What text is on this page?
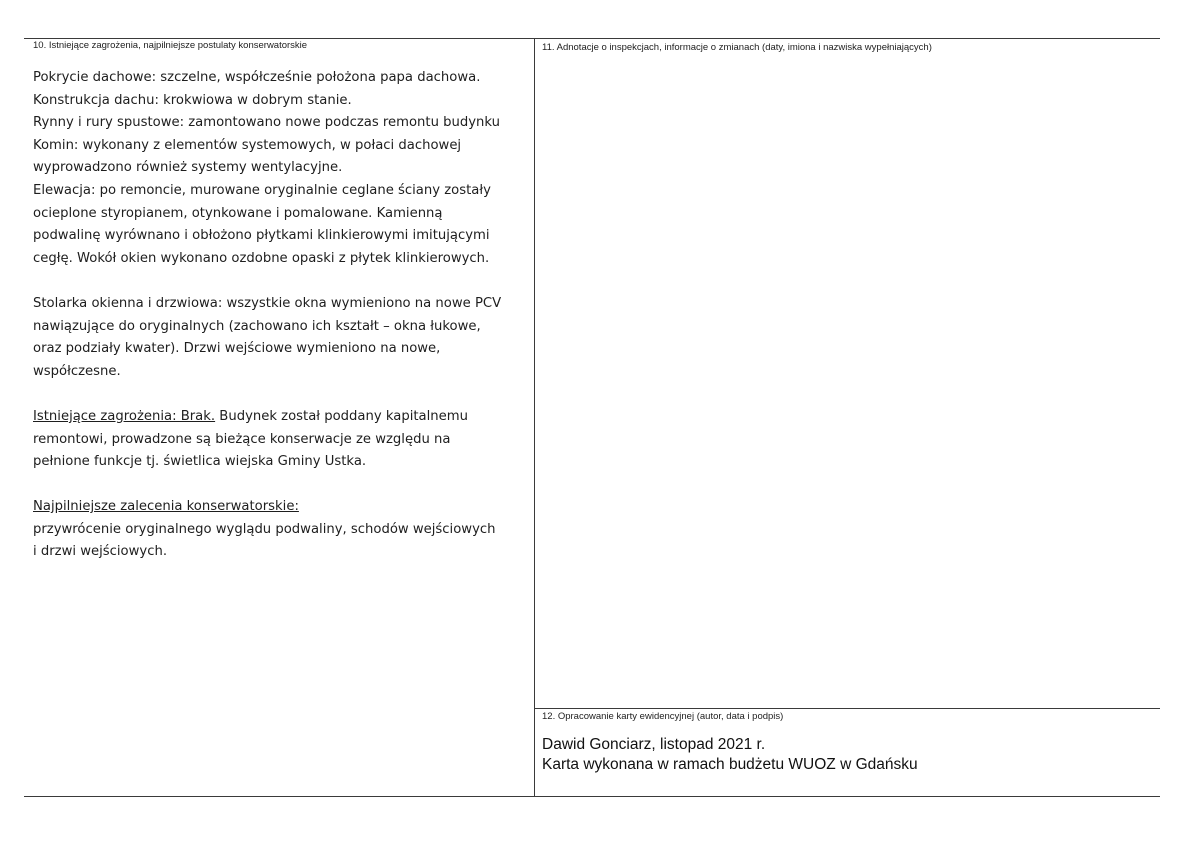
10. Istniejące zagrożenia, najpilniejsze postulaty konserwatorskie

Pokrycie dachowe: szczelne, współcześnie położona papa dachowa.

Konstrukcja dachu: krokwiowa w dobrym stanie.

Rynny i rury spustowe: zamontowano nowe podczas remontu budynku

Komin: wykonany z elementów systemowych, w połaci dachowej

wyprowadzono również systemy wentylacyjne.

Elewacja: po remoncie, murowane oryginalnie ceglane ściany zostały

ocieplone styropianem, otynkowane i pomalowane. Kamienną

podwalinę wyrównano i obłożono płytkami klinkierowymi imitującymi

cegłę. Wokół okien wykonano ozdobne opaski z płytek klinkierowych.

Stolarka okienna i drzwiowa: wszystkie okna wymieniono na nowe PCV

nawiązujące do oryginalnych (zachowano ich kształt – okna łukowe,

oraz podziały kwater). Drzwi wejściowe wymieniono na nowe,

współczesne.

Istniejące zagrożenia: Brak. Budynek został poddany kapitalnemu

remontowi, prowadzone są bieżące konserwacje ze względu na

pełnione funkcje tj. świetlica wiejska Gminy Ustka.

Najpilniejsze zalecenia konserwatorskie:

przywrócenie oryginalnego wyglądu podwaliny, schodów wejściowych

i drzwi wejściowych.

11. Adnotacje o inspekcjach, informacje o zmianach (daty, imiona i nazwiska wypełniających)
12. Opracowanie karty ewidencyjnej (autor, data i podpis)

Dawid Gonciarz, listopad 2021 r.

Karta wykonana w ramach budżetu WUOZ w Gdańsku
